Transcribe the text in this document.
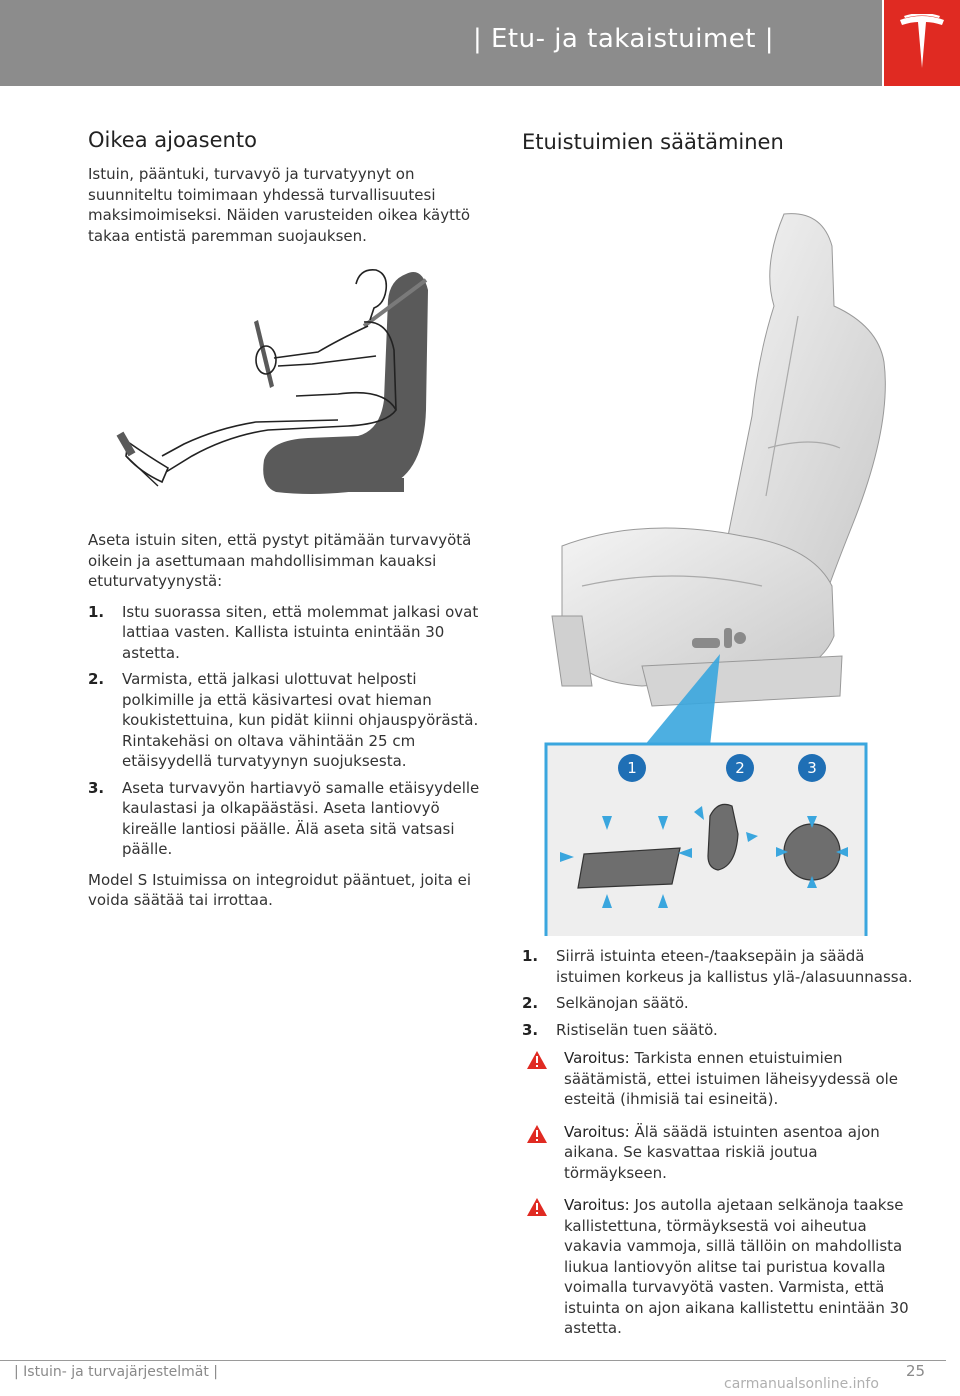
| Etu- ja takaistuimet |
Oikea ajoasento

Istuin, pääntuki, turvavyö ja turvatyynyt on suunniteltu toimimaan yhdessä turvallisuutesi maksimoimiseksi. Näiden varusteiden oikea käyttö takaa entistä paremman suojauksen.

Aseta istuin siten, että pystyt pitämään turvavyötä oikein ja asettumaan mahdollisimman kauaksi etuturvatyynystä:

1. Istu suorassa siten, että molemmat jalkasi ovat lattiaa vasten. Kallista istuinta enintään 30 astetta.
2. Varmista, että jalkasi ulottuvat helposti polkimille ja että käsivartesi ovat hieman koukistettuina, kun pidät kiinni ohjauspyörästä. Rintakehäsi on oltava vähintään 25 cm etäisyydellä turvatyynyn suojuksesta.
3. Aseta turvavyön hartiavyö samalle etäisyydelle kaulastasi ja olkapäästäsi. Aseta lantiovyö kireälle lantiosi päälle. Älä aseta sitä vatsasi päälle.

Model S Istuimissa on integroidut pääntuet, joita ei voida säätää tai irrottaa.

Etuistuimien säätäminen
1	2	3
1. Siirrä istuinta eteen-/taaksepäin ja säädä istuimen korkeus ja kallistus ylä-/alasuunnassa.
2. Selkänojan säätö.
3. Ristiselän tuen säätö.
Varoitus: Tarkista ennen etuistuimien säätämistä, ettei istuimen läheisyydessä ole esteitä (ihmisiä tai esineitä).
Varoitus: Älä säädä istuinten asentoa ajon aikana. Se kasvattaa riskiä joutua törmäykseen.
Varoitus: Jos autolla ajetaan selkänoja taakse kallistettuna, törmäyksestä voi aiheutua vakavia vammoja, sillä tällöin on mahdollista liukua lantiovyön alitse tai puristua kovalla voimalla turvavyötä vasten. Varmista, että istuinta on ajon aikana kallistettu enintään 30 astetta.
| Istuin- ja turvajärjestelmät |	25
carmanualsonline.info
